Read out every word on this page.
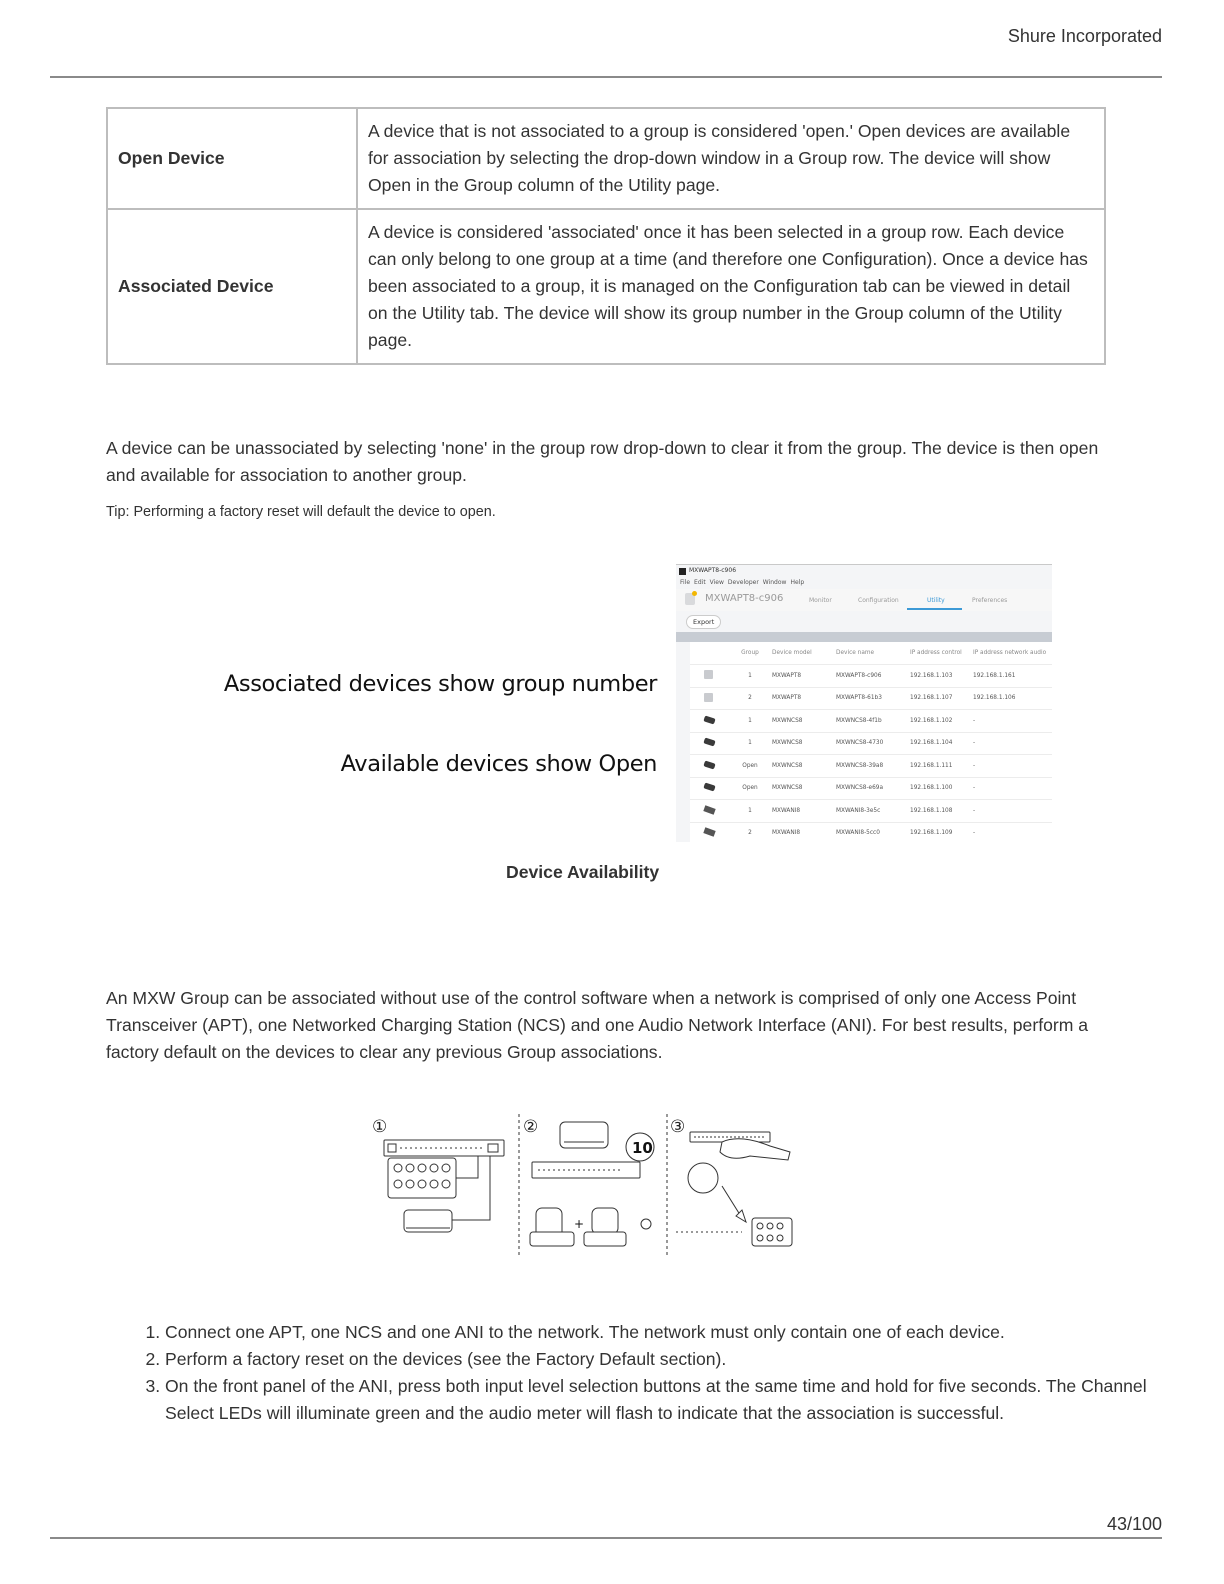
Shure Incorporated
Open Device	A device that is not associated to a group is considered 'open.' Open devices are available for association by selecting the drop-down window in a Group row. The device will show Open in the Group column of the Utility page.
Associated Device	A device is considered 'associated' once it has been selected in a group row. Each device can only belong to one group at a time (and therefore one Configuration). Once a device has been associated to a group, it is managed on the Configuration tab can be viewed in detail on the Utility tab. The device will show its group number in the Group column of the Utility page.

A device can be unassociated by selecting 'none' in the group row drop-down to clear it from the group. The device is then open and available for association to another group.

Tip: Performing a factory reset will default the device to open.

Associated devices show group number
Available devices show Open
MXWAPT8-c906
File Edit View Developer Window Help
MXWAPT8-c906	Monitor	Configuration	Utility	Preferences
Export
	Group	Device model	Device name	IP address control	IP address network audio
	1	MXWAPT8	MXWAPT8-c906	192.168.1.103	192.168.1.161
	2	MXWAPT8	MXWAPT8-61b3	192.168.1.107	192.168.1.106
	1	MXWNCS8	MXWNCS8-4f1b	192.168.1.102	-
	1	MXWNCS8	MXWNCS8-4730	192.168.1.104	-
	Open	MXWNCS8	MXWNCS8-39a8	192.168.1.111	-
	Open	MXWNCS8	MXWNCS8-e69a	192.168.1.100	-
	1	MXWANI8	MXWANI8-3e5c	192.168.1.108	-
	2	MXWANI8	MXWANI8-5cc0	192.168.1.109	-

Device Availability

An MXW Group can be associated without use of the control software when a network is comprised of only one Access Point Transceiver (APT), one Networked Charging Station (NCS) and one Audio Network Interface (ANI). For best results, perform a factory default on the devices to clear any previous Group associations.

①	②	③
10
+
1. Connect one APT, one NCS and one ANI to the network. The network must only contain one of each device.
2. Perform a factory reset on the devices (see the Factory Default section).
3. On the front panel of the ANI, press both input level selection buttons at the same time and hold for five seconds. The Channel Select LEDs will illuminate green and the audio meter will flash to indicate that the association is successful.
43/100
